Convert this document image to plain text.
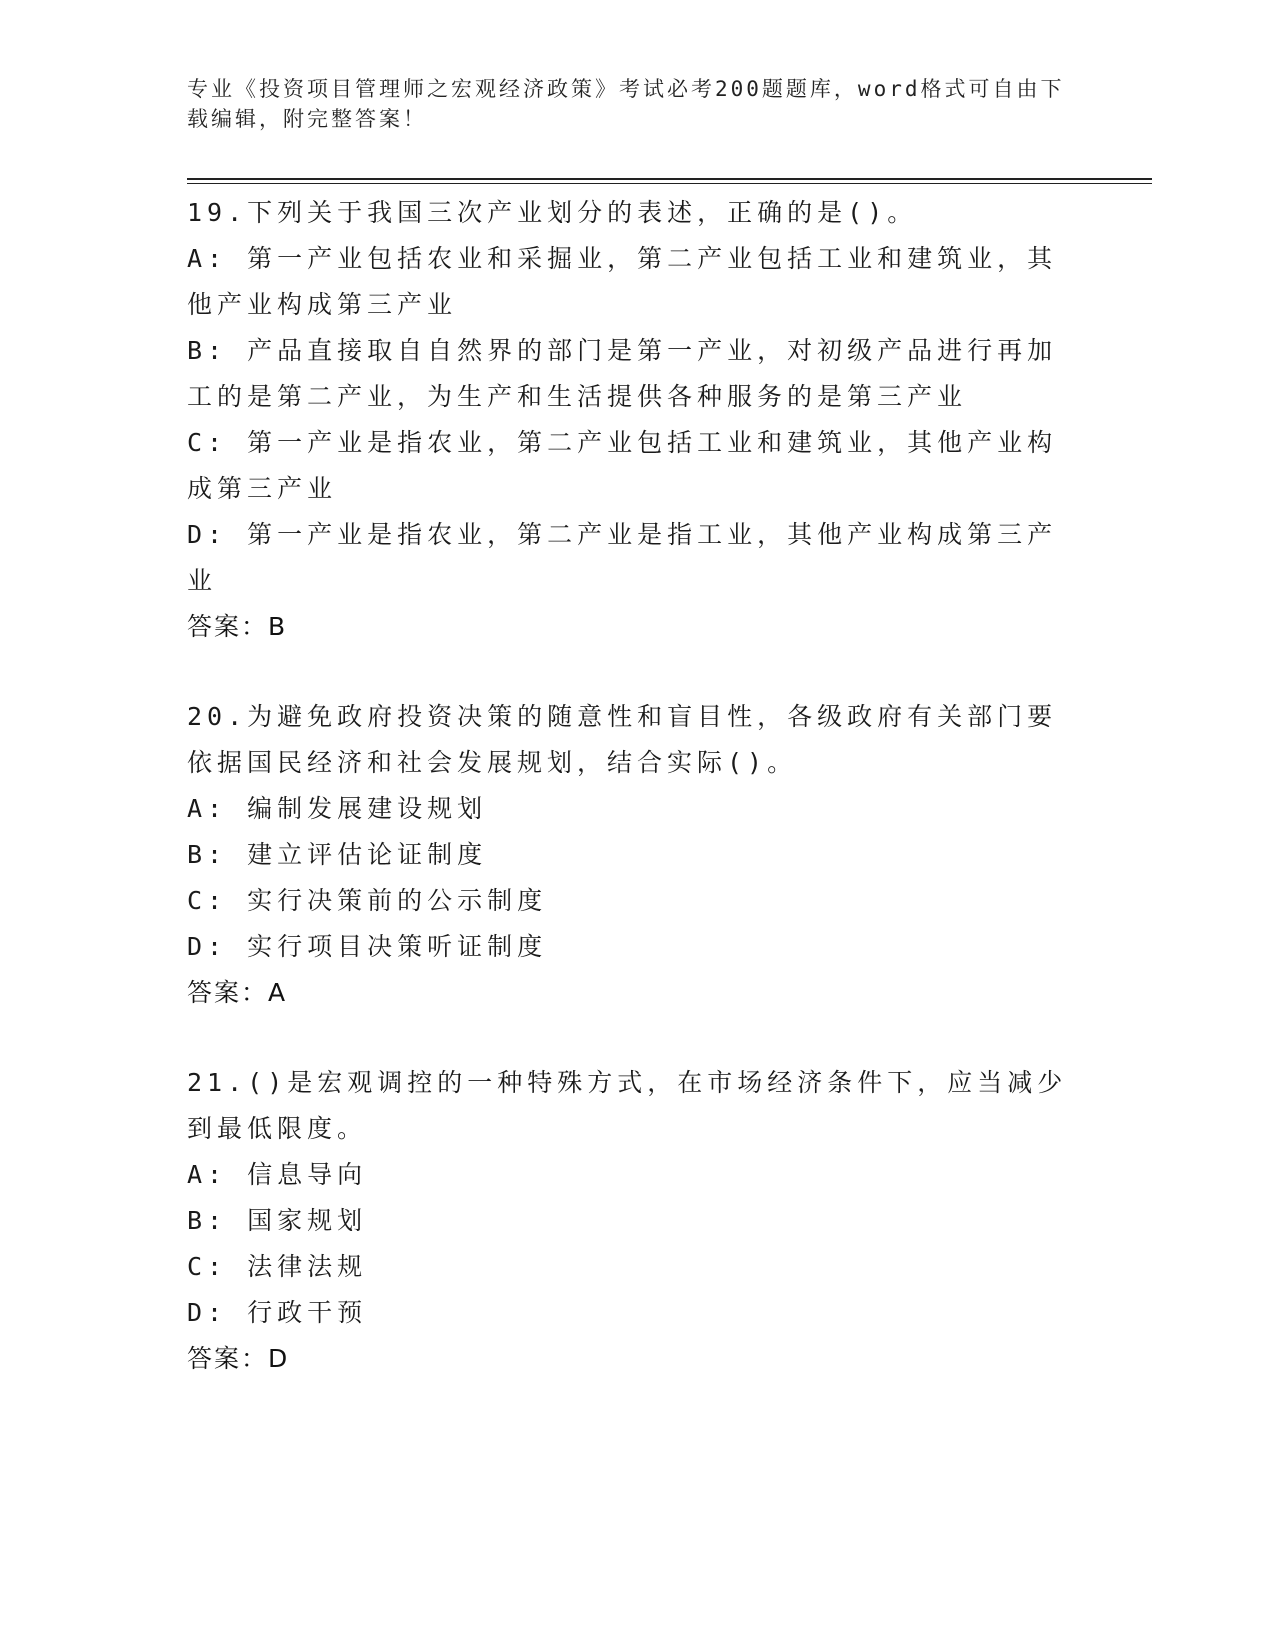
专业《投资项目管理师之宏观经济政策》考试必考200题题库，word格式可自由下载编辑，附完整答案！

19.下列关于我国三次产业划分的表述，正确的是()。

A: 第一产业包括农业和采掘业，第二产业包括工业和建筑业，其他产业构成第三产业

B: 产品直接取自自然界的部门是第一产业，对初级产品进行再加工的是第二产业，为生产和生活提供各种服务的是第三产业

C: 第一产业是指农业，第二产业包括工业和建筑业，其他产业构成第三产业

D: 第一产业是指农业，第二产业是指工业，其他产业构成第三产业

答案：B

20.为避免政府投资决策的随意性和盲目性，各级政府有关部门要依据国民经济和社会发展规划，结合实际()。

A: 编制发展建设规划

B: 建立评估论证制度

C: 实行决策前的公示制度

D: 实行项目决策听证制度

答案：A

21.()是宏观调控的一种特殊方式，在市场经济条件下，应当减少到最低限度。

A: 信息导向

B: 国家规划

C: 法律法规

D: 行政干预

答案：D
